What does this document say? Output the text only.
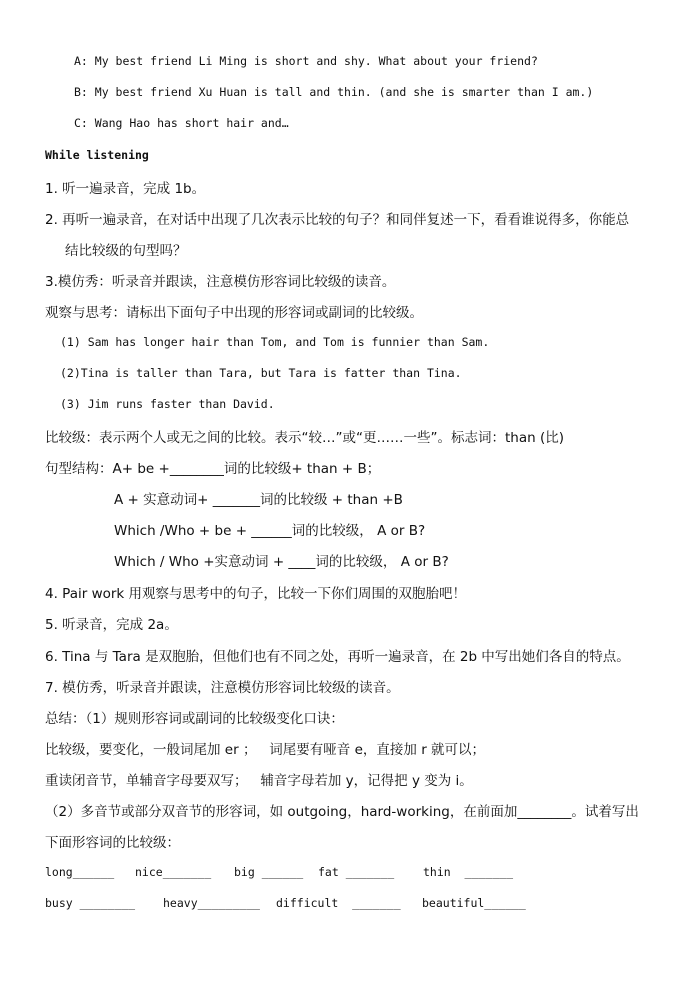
A: My best friend Li Ming is short and shy. What about your friend?
B: My best friend Xu Huan is tall and thin. (and she is smarter than I am.)
C: Wang Hao has short hair and…
While listening
1. 听一遍录音，完成 1b。
2. 再听一遍录音，在对话中出现了几次表示比较的句子？和同伴复述一下，看看谁说得多，你能总
结比较级的句型吗？
3.模仿秀：听录音并跟读，注意模仿形容词比较级的读音。
观察与思考：请标出下面句子中出现的形容词或副词的比较级。
(1) Sam has longer hair than Tom, and Tom is funnier than Sam.
(2)Tina is taller than Tara, but Tara is fatter than Tina.
(3) Jim runs faster than David.
比较级：表示两个人或无之间的比较。表示“较…”或“更……一些”。标志词：than (比)
句型结构：A+ be +________词的比较级+ than + B；
A + 实意动词+ _______词的比较级 + than +B
Which /Who + be + ______词的比较级， A or B?
Which / Who +实意动词 + ____词的比较级， A or B?
4. Pair work 用观察与思考中的句子，比较一下你们周围的双胞胎吧！
5. 听录音，完成 2a。
6. Tina 与 Tara 是双胞胎，但他们也有不同之处，再听一遍录音，在 2b 中写出她们各自的特点。
7. 模仿秀，听录音并跟读，注意模仿形容词比较级的读音。
总结：（1）规则形容词或副词的比较级变化口诀：
比较级，要变化，一般词尾加 er ；   词尾要有哑音 e，直接加 r 就可以；
重读闭音节，单辅音字母要双写；   辅音字母若加 y，记得把 y 变为 i。
（2）多音节或部分双音节的形容词，如 outgoing，hard-working，在前面加________。试着写出
下面形容词的比较级：
long______ nice_______ big ______ fat _______	thin  _______
busy ________ heavy_________ difficult  _______ beautiful______
